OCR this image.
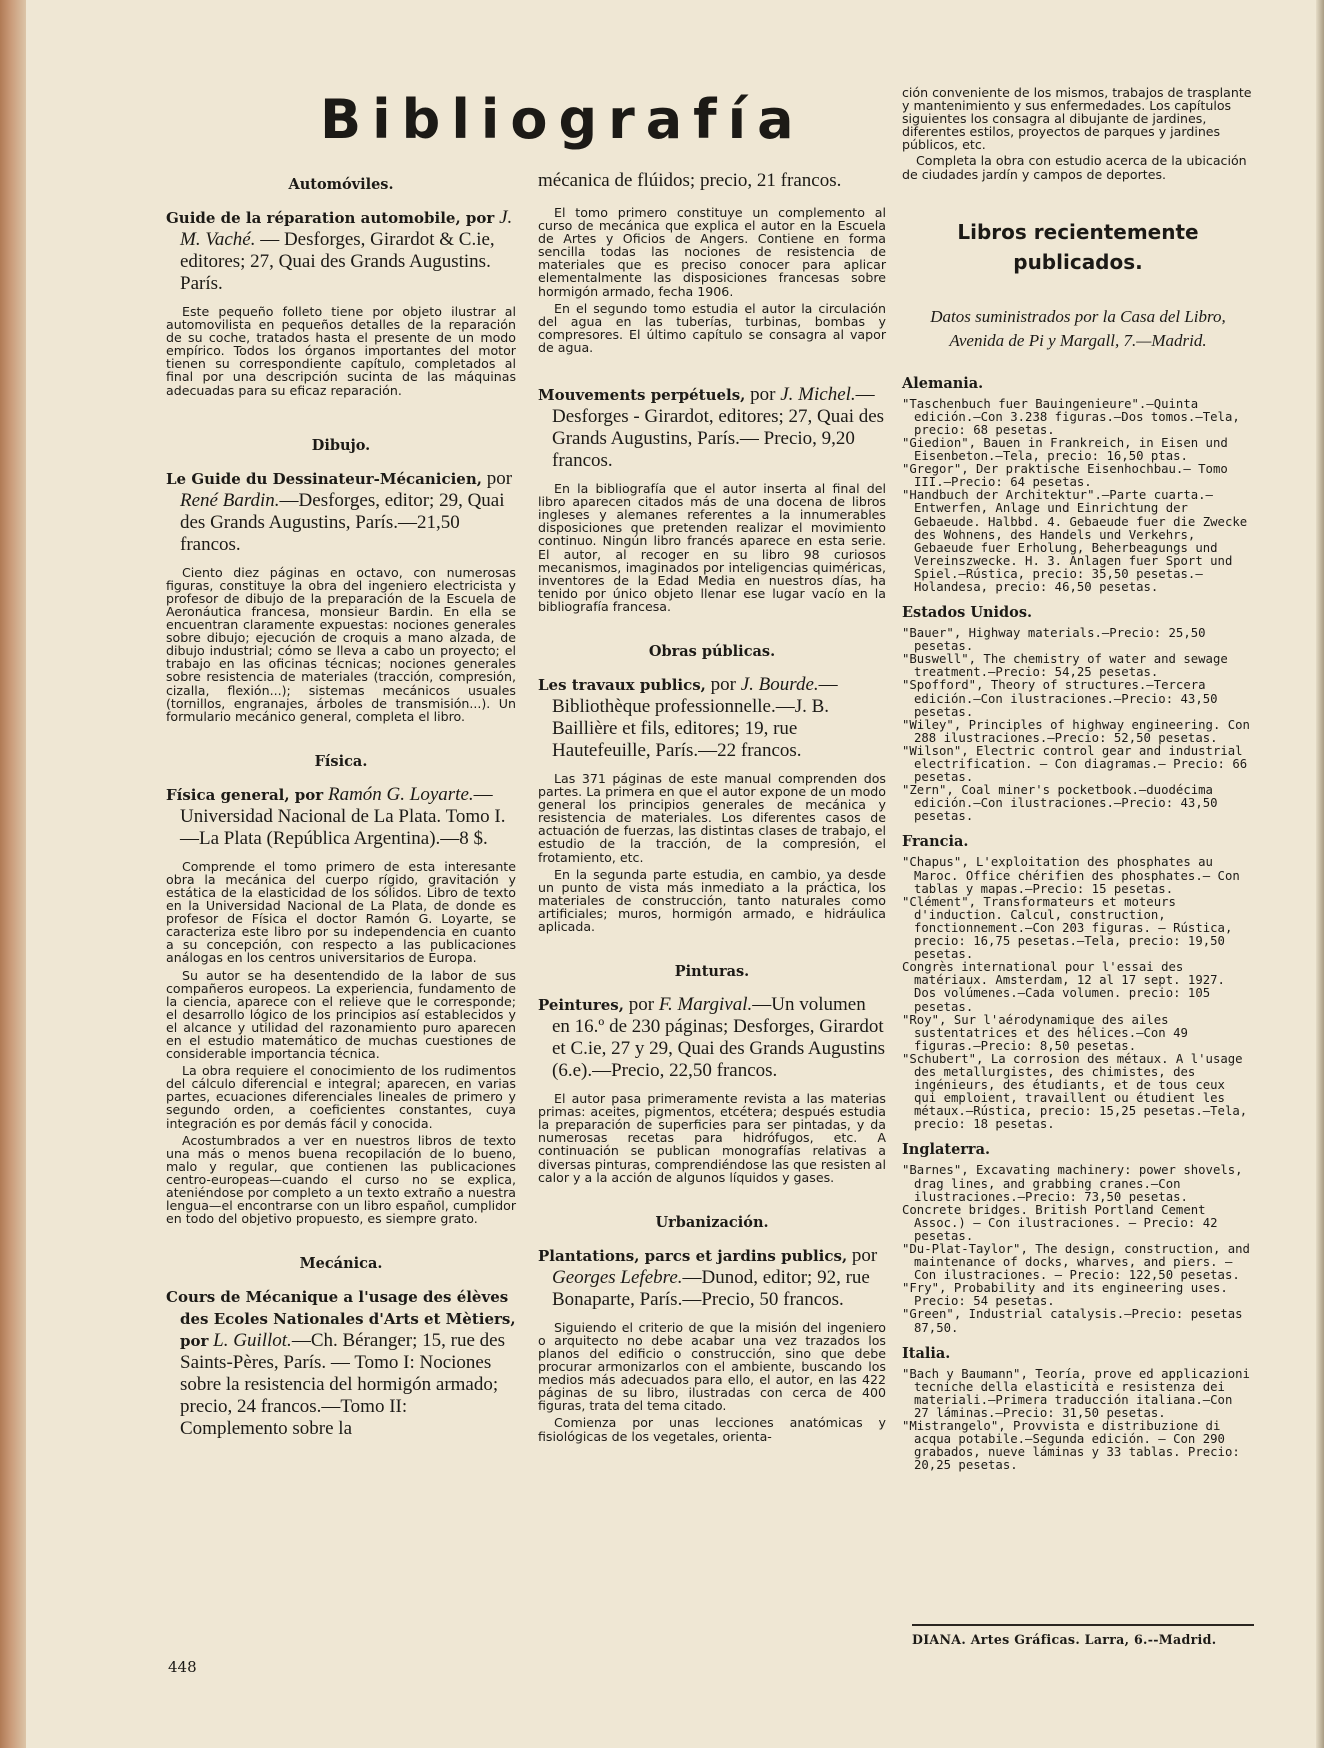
Bibliografía
Automóviles.

Guide de la réparation automobile, por J. M. Vaché. — Desforges, Girardot & C.ie, editores; 27, Quai des Grands Augustins. París.

Este pequeño folleto tiene por objeto ilustrar al automovilista en pequeños detalles de la reparación de su coche, tratados hasta el presente de un modo empírico. Todos los órganos importantes del motor tienen su correspondiente capítulo, completados al final por una descripción sucinta de las máquinas adecuadas para su eficaz reparación.

Dibujo.

Le Guide du Dessinateur-Mécanicien, por René Bardin.—Desforges, editor; 29, Quai des Grands Augustins, París.—21,50 francos.

Ciento diez páginas en octavo, con numerosas figuras, constituye la obra del ingeniero electricista y profesor de dibujo de la preparación de la Escuela de Aeronáutica francesa, monsieur Bardin. En ella se encuentran claramente expuestas: nociones generales sobre dibujo; ejecución de croquis a mano alzada, de dibujo industrial; cómo se lleva a cabo un proyecto; el trabajo en las oficinas técnicas; nociones generales sobre resistencia de materiales (tracción, compresión, cizalla, flexión...); sistemas mecánicos usuales (tornillos, engranajes, árboles de transmisión...). Un formulario mecánico general, completa el libro.

Física.

Física general, por Ramón G. Loyarte.— Universidad Nacional de La Plata. Tomo I.—La Plata (República Argentina).—8 $.

Comprende el tomo primero de esta interesante obra la mecánica del cuerpo rígido, gravitación y estática de la elasticidad de los sólidos. Libro de texto en la Universidad Nacional de La Plata, de donde es profesor de Física el doctor Ramón G. Loyarte, se caracteriza este libro por su independencia en cuanto a su concepción, con respecto a las publicaciones análogas en los centros universitarios de Europa.

Su autor se ha desentendido de la labor de sus compañeros europeos. La experiencia, fundamento de la ciencia, aparece con el relieve que le corresponde; el desarrollo lógico de los principios así establecidos y el alcance y utilidad del razonamiento puro aparecen en el estudio matemático de muchas cuestiones de considerable importancia técnica.

La obra requiere el conocimiento de los rudimentos del cálculo diferencial e integral; aparecen, en varias partes, ecuaciones diferenciales lineales de primero y segundo orden, a coeficientes constantes, cuya integración es por demás fácil y conocida.

Acostumbrados a ver en nuestros libros de texto una más o menos buena recopilación de lo bueno, malo y regular, que contienen las publicaciones centro-europeas—cuando el curso no se explica, ateniéndose por completo a un texto extraño a nuestra lengua—el encontrarse con un libro español, cumplidor en todo del objetivo propuesto, es siempre grato.

Mecánica.

Cours de Mécanique a l'usage des élèves des Ecoles Nationales d'Arts et Mètiers, por L. Guillot.—Ch. Béranger; 15, rue des Saints-Pères, París. — Tomo I: Nociones sobre la resistencia del hormigón armado; precio, 24 francos.—Tomo II: Complemento sobre la

mécanica de flúidos; precio, 21 francos.

El tomo primero constituye un complemento al curso de mecánica que explica el autor en la Escuela de Artes y Oficios de Angers. Contiene en forma sencilla todas las nociones de resistencia de materiales que es preciso conocer para aplicar elementalmente las disposiciones francesas sobre hormigón armado, fecha 1906.

En el segundo tomo estudia el autor la circulación del agua en las tuberías, turbinas, bombas y compresores. El último capítulo se consagra al vapor de agua.

Mouvements perpétuels, por J. Michel.— Desforges - Girardot, editores; 27, Quai des Grands Augustins, París.— Precio, 9,20 francos.

En la bibliografía que el autor inserta al final del libro aparecen citados más de una docena de libros ingleses y alemanes referentes a la innumerables disposiciones que pretenden realizar el movimiento continuo. Ningún libro francés aparece en esta serie. El autor, al recoger en su libro 98 curiosos mecanismos, imaginados por inteligencias quiméricas, inventores de la Edad Media en nuestros días, ha tenido por único objeto llenar ese lugar vacío en la bibliografía francesa.

Obras públicas.

Les travaux publics, por J. Bourde.— Bibliothèque professionnelle.—J. B. Baillière et fils, editores; 19, rue Hautefeuille, París.—22 francos.

Las 371 páginas de este manual comprenden dos partes. La primera en que el autor expone de un modo general los principios generales de mecánica y resistencia de materiales. Los diferentes casos de actuación de fuerzas, las distintas clases de trabajo, el estudio de la tracción, de la compresión, el frotamiento, etc.

En la segunda parte estudia, en cambio, ya desde un punto de vista más inmediato a la práctica, los materiales de construcción, tanto naturales como artificiales; muros, hormigón armado, e hidráulica aplicada.

Pinturas.

Peintures, por F. Margival.—Un volumen en 16.º de 230 páginas; Desforges, Girardot et C.ie, 27 y 29, Quai des Grands Augustins (6.e).—Precio, 22,50 francos.

El autor pasa primeramente revista a las materias primas: aceites, pigmentos, etcétera; después estudia la preparación de superficies para ser pintadas, y da numerosas recetas para hidrófugos, etc. A continuación se publican monografías relativas a diversas pinturas, comprendiéndose las que resisten al calor y a la acción de algunos líquidos y gases.

Urbanización.

Plantations, parcs et jardins publics, por Georges Lefebre.—Dunod, editor; 92, rue Bonaparte, París.—Precio, 50 francos.

Siguiendo el criterio de que la misión del ingeniero o arquitecto no debe acabar una vez trazados los planos del edificio o construcción, sino que debe procurar armonizarlos con el ambiente, buscando los medios más adecuados para ello, el autor, en las 422 páginas de su libro, ilustradas con cerca de 400 figuras, trata del tema citado.

Comienza por unas lecciones anatómicas y fisiológicas de los vegetales, orienta-

ción conveniente de los mismos, trabajos de trasplante y mantenimiento y sus enfermedades. Los capítulos siguientes los consagra al dibujante de jardines, diferentes estilos, proyectos de parques y jardines públicos, etc.

Completa la obra con estudio acerca de la ubicación de ciudades jardín y campos de deportes.

Libros recientemente publicados.
Datos suministrados por la Casa del Libro, Avenida de Pi y Margall, 7.—Madrid.
Alemania.

"Taschenbuch fuer Bauingenieure".—Quinta edición.—Con 3.238 figuras.—Dos tomos.—Tela, precio: 68 pesetas.

"Giedion", Bauen in Frankreich, in Eisen und Eisenbeton.—Tela, precio: 16,50 ptas.

"Gregor", Der praktische Eisenhochbau.— Tomo III.—Precio: 64 pesetas.

"Handbuch der Architektur".—Parte cuarta.—Entwerfen, Anlage und Einrichtung der Gebaeude. Halbbd. 4. Gebaeude fuer die Zwecke des Wohnens, des Handels und Verkehrs, Gebaeude fuer Erholung, Beherbeagungs und Vereinszwecke. H. 3. Anlagen fuer Sport und Spiel.—Rústica, precio: 35,50 pesetas.—Holandesa, precio: 46,50 pesetas.

Estados Unidos.

"Bauer", Highway materials.—Precio: 25,50 pesetas.

"Buswell", The chemistry of water and sewage treatment.—Precio: 54,25 pesetas.

"Spofford", Theory of structures.—Tercera edición.—Con ilustraciones.—Precio: 43,50 pesetas.

"Wiley", Principles of highway engineering. Con 288 ilustraciones.—Precio: 52,50 pesetas.

"Wilson", Electric control gear and industrial electrification. — Con diagramas.— Precio: 66 pesetas.

"Zern", Coal miner's pocketbook.—duodécima edición.—Con ilustraciones.—Precio: 43,50 pesetas.

Francia.

"Chapus", L'exploitation des phosphates au Maroc. Office chérifien des phosphates.— Con tablas y mapas.—Precio: 15 pesetas.

"Clément", Transformateurs et moteurs d'induction. Calcul, construction, fonctionnement.—Con 203 figuras. — Rústica, precio: 16,75 pesetas.—Tela, precio: 19,50 pesetas.

Congrès international pour l'essai des matériaux. Amsterdam, 12 al 17 sept. 1927. Dos volúmenes.—Cada volumen. precio: 105 pesetas.

"Roy", Sur l'aérodynamique des ailes sustentatrices et des hélices.—Con 49 figuras.—Precio: 8,50 pesetas.

"Schubert", La corrosion des métaux. A l'usage des metallurgistes, des chimistes, des ingénieurs, des étudiants, et de tous ceux qui emploient, travaillent ou étudient les métaux.—Rústica, precio: 15,25 pesetas.—Tela, precio: 18 pesetas.

Inglaterra.

"Barnes", Excavating machinery: power shovels, drag lines, and grabbing cranes.—Con ilustraciones.—Precio: 73,50 pesetas.

Concrete bridges. British Portland Cement Assoc.) — Con ilustraciones. — Precio: 42 pesetas.

"Du-Plat-Taylor", The design, construction, and maintenance of docks, wharves, and piers. — Con ilustraciones. — Precio: 122,50 pesetas.

"Fry", Probability and its engineering uses. Precio: 54 pesetas.

"Green", Industrial catalysis.—Precio: pesetas 87,50.

Italia.

"Bach y Baumann", Teoría, prove ed applicazioni tecniche della elasticità e resistenza dei materiali.—Primera traducción italiana.—Con 27 láminas.—Precio: 31,50 pesetas.

"Mistrangelo", Provvista e distribuzione di acqua potabile.—Segunda edición. — Con 290 grabados, nueve láminas y 33 tablas. Precio: 20,25 pesetas.

DIANA. Artes Gráficas. Larra, 6.--Madrid.
448
